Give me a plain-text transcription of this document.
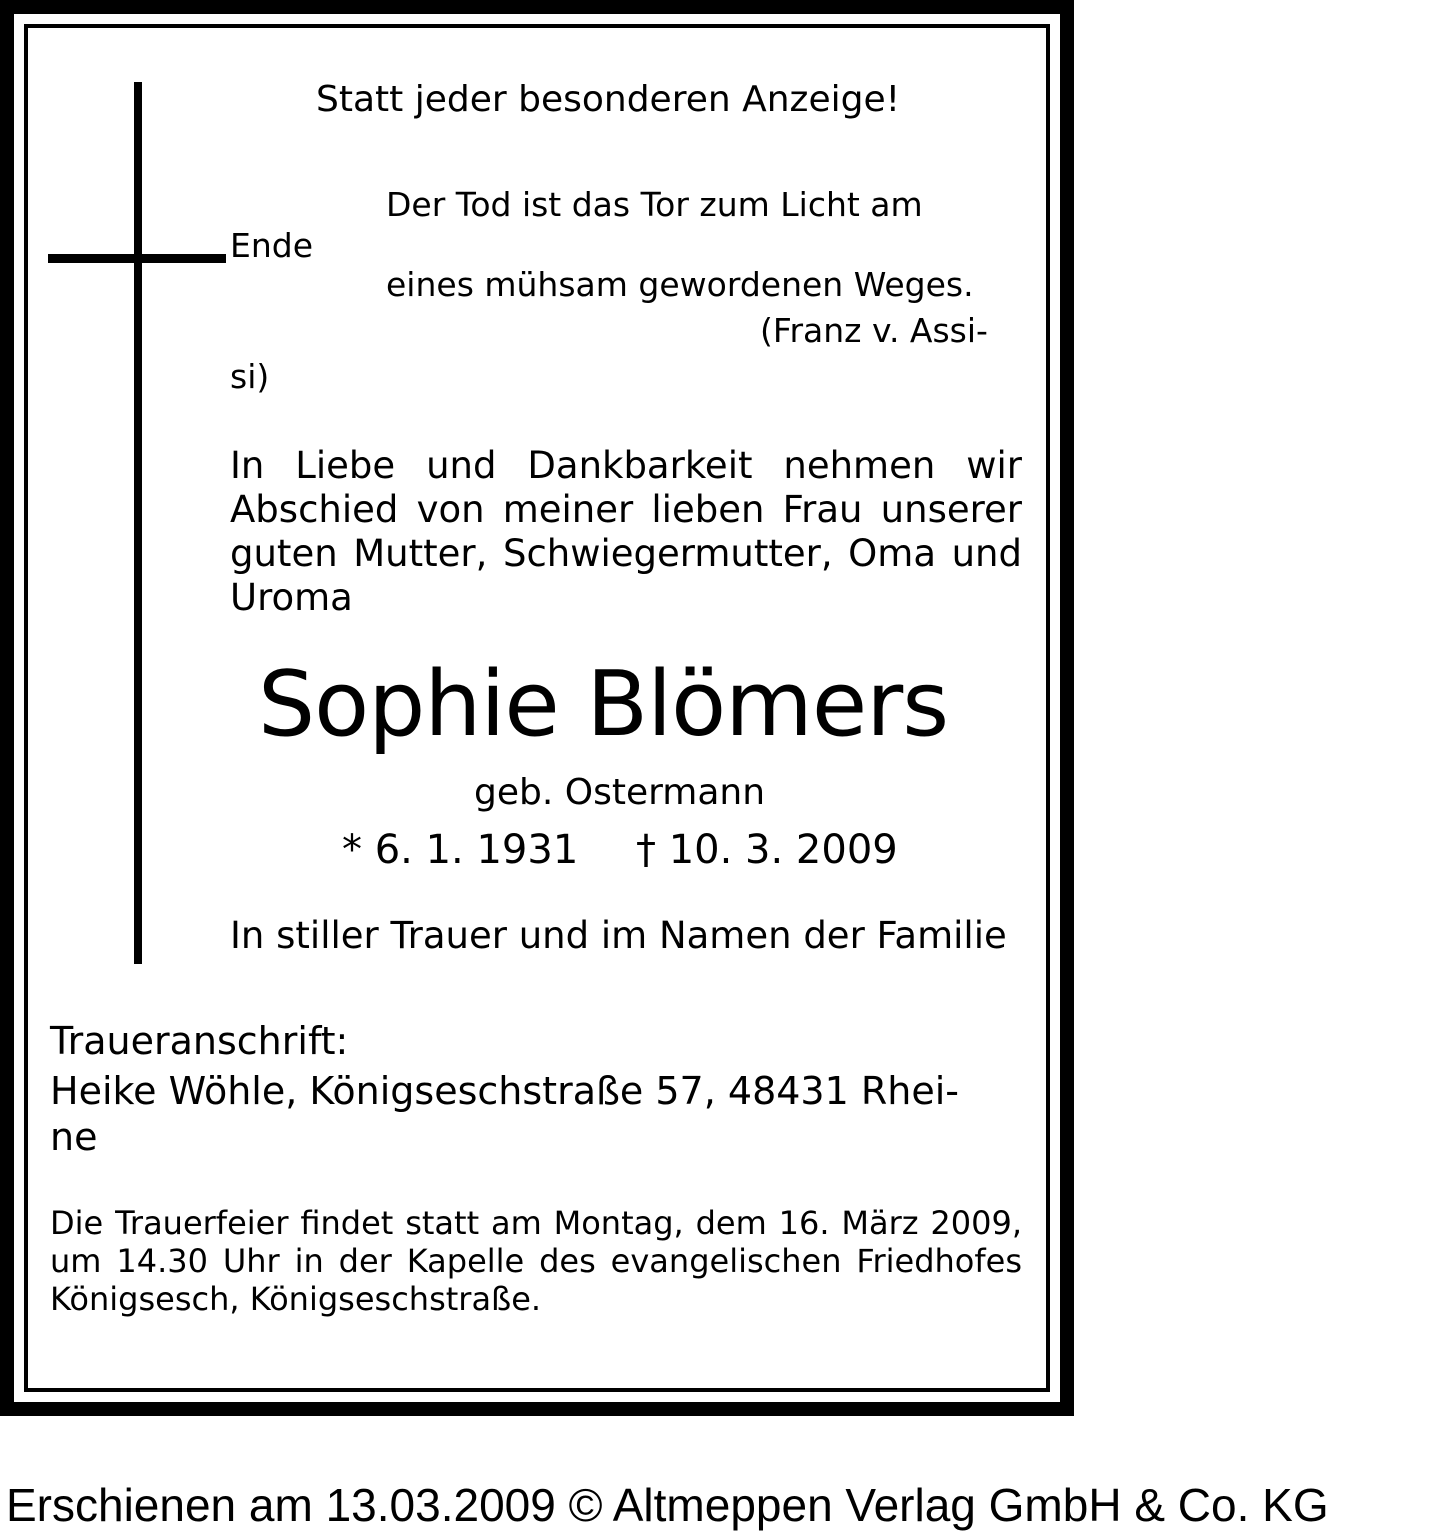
Statt jeder besonderen Anzeige!
Der Tod ist das Tor zum Licht am
Ende
eines mühsam gewordenen Weges.
(Franz v. Assi-
si)
In Liebe und Dankbarkeit nehmen wir Abschied von meiner lieben Frau unserer guten Mutter, Schwiegermutter, Oma und Uroma
Sophie Blömers
geb. Ostermann
* 6. 1. 1931 † 10. 3. 2009
In stiller Trauer und im Namen der Familie
Traueranschrift:
Heike Wöhle, Königseschstraße 57, 48431 Rhei-
ne
Die Trauerfeier findet statt am Montag, dem 16. März 2009, um 14.30 Uhr in der Kapelle des evangelischen Friedhofes Königsesch, Königseschstraße.
Erschienen am 13.03.2009 © Altmeppen Verlag GmbH & Co. KG
